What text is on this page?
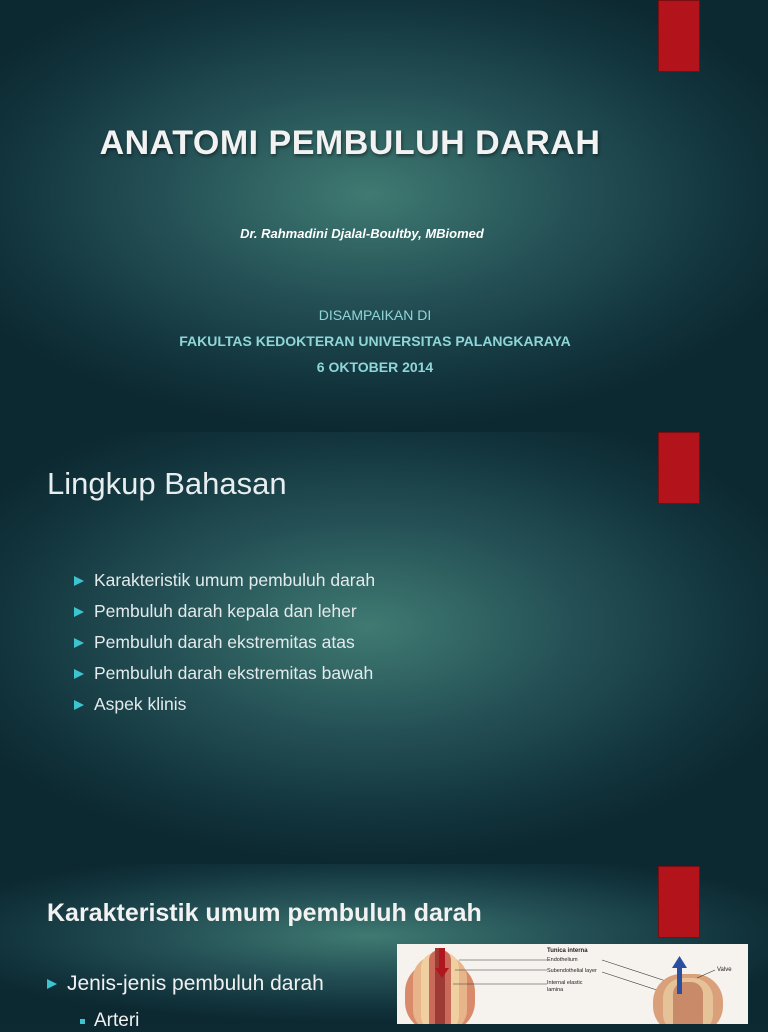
ANATOMI PEMBULUH DARAH
Dr. Rahmadini Djalal-Boultby, MBiomed
DISAMPAIKAN DI
FAKULTAS KEDOKTERAN UNIVERSITAS PALANGKARAYA
6 OKTOBER 2014
Lingkup Bahasan
Karakteristik umum pembuluh darah
Pembuluh darah kepala dan leher
Pembuluh darah ekstremitas atas
Pembuluh darah ekstremitas bawah
Aspek klinis
Karakteristik umum pembuluh darah
Jenis-jenis pembuluh darah
Arteri
Tunica interna
Endothelium
Subendothelial layer
Internal elastic
lamina
Valve
